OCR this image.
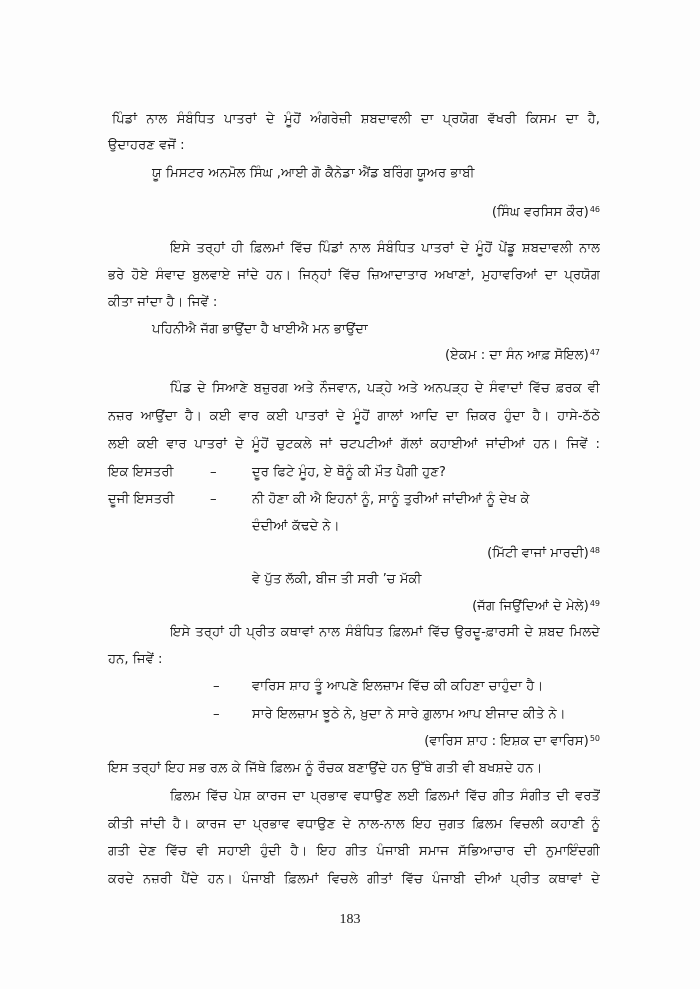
ਪਿੰਡਾਂ ਨਾਲ ਸੰਬੰਧਿਤ ਪਾਤਰਾਂ ਦੇ ਮੂੰਹੋਂ ਅੰਗਰੇਜ਼ੀ ਸ਼ਬਦਾਵਲੀ ਦਾ ਪ੍ਰਯੋਗ ਵੱਖਰੀ ਕਿਸਮ ਦਾ ਹੈ,
ਉਦਾਹਰਣ ਵਜੋਂ :
ਯੂ ਮਿਸਟਰ ਅਨਮੋਲ ਸਿੰਘ ,ਆਈ ਗੋ ਕੈਨੇਡਾ ਐਂਡ ਬਰਿੰਗ ਯੂਅਰ ਭਾਬੀ
(ਸਿੰਘ ਵਰਸਿਸ ਕੌਰ)$^{46}$
ਇਸੇ ਤਰ੍ਹਾਂ ਹੀ ਫ਼ਿਲਮਾਂ ਵਿੱਚ ਪਿੰਡਾਂ ਨਾਲ ਸੰਬੰਧਿਤ ਪਾਤਰਾਂ ਦੇ ਮੂੰਹੋਂ ਪੇਂਡੂ ਸ਼ਬਦਾਵਲੀ ਨਾਲ
ਭਰੇ ਹੋਏ ਸੰਵਾਦ ਬੁਲਵਾਏ ਜਾਂਦੇ ਹਨ। ਜਿਨ੍ਹਾਂ ਵਿੱਚ ਜ਼ਿਆਦਾਤਾਰ ਅਖਾਣਾਂ, ਮੁਹਾਵਰਿਆਂ ਦਾ ਪ੍ਰਯੋਗ
ਕੀਤਾ ਜਾਂਦਾ ਹੈ। ਜਿਵੇਂ :
ਪਹਿਨੀਐ ਜੱਗ ਭਾਉਂਦਾ ਹੈ ਖਾਈਐ ਮਨ ਭਾਉਂਦਾ
(ਏਕਮ : ਦਾ ਸੰਨ ਆਫ਼ ਸੋਇਲ)$^{47}$
ਪਿੰਡ ਦੇ ਸਿਆਣੇ ਬਜ਼ੁਰਗ ਅਤੇ ਨੌਜਵਾਨ, ਪੜ੍ਹੇ ਅਤੇ ਅਨਪੜ੍ਹ ਦੇ ਸੰਵਾਦਾਂ ਵਿੱਚ ਫ਼ਰਕ ਵੀ
ਨਜ਼ਰ ਆਉਂਦਾ ਹੈ। ਕਈ ਵਾਰ ਕਈ ਪਾਤਰਾਂ ਦੇ ਮੂੰਹੋਂ ਗਾਲਾਂ ਆਦਿ ਦਾ ਜ਼ਿਕਰ ਹੁੰਦਾ ਹੈ। ਹਾਸੇ-ਠੱਠੇ
ਲਈ ਕਈ ਵਾਰ ਪਾਤਰਾਂ ਦੇ ਮੂੰਹੋਂ ਚੁਟਕਲੇ ਜਾਂ ਚਟਪਟੀਆਂ ਗੱਲਾਂ ਕਹਾਈਆਂ ਜਾਂਦੀਆਂ ਹਨ। ਜਿਵੇਂ :
ਇਕ ਇਸਤਰੀ	–	ਦੂਰ ਫਿਟੇ ਮੂੰਹ, ਏ ਥੋਨੂੰ ਕੀ ਮੌਤ ਪੈਗੀ ਹੁਣ?
ਦੂਜੀ ਇਸਤਰੀ	–	ਨੀ ਹੋਣਾ ਕੀ ਐ ਇਹਨਾਂ ਨੂੰ, ਸਾਨੂੰ ਤੁਰੀਆਂ ਜਾਂਦੀਆਂ ਨੂੰ ਦੇਖ ਕੇ
ਦੰਦੀਆਂ ਕੱਢਦੇ ਨੇ।
(ਮਿੱਟੀ ਵਾਜਾਂ ਮਾਰਦੀ)$^{48}$
ਵੇ ਪੁੱਤ ਲੱਕੀ, ਬੀਜ ਤੀ ਸਰੀ ’ਚ ਮੱਕੀ
(ਜੱਗ ਜਿਉਂਦਿਆਂ ਦੇ ਮੇਲੇ)$^{49}$
ਇਸੇ ਤਰ੍ਹਾਂ ਹੀ ਪ੍ਰੀਤ ਕਥਾਵਾਂ ਨਾਲ ਸੰਬੰਧਿਤ ਫ਼ਿਲਮਾਂ ਵਿੱਚ ਉਰਦੂ-ਫ਼ਾਰਸੀ ਦੇ ਸ਼ਬਦ ਮਿਲਦੇ
ਹਨ, ਜਿਵੇਂ :
– ਵਾਰਿਸ ਸ਼ਾਹ ਤੂੰ ਆਪਣੇ ਇਲਜ਼ਾਮ ਵਿੱਚ ਕੀ ਕਹਿਣਾ ਚਾਹੁੰਦਾ ਹੈ।
– ਸਾਰੇ ਇਲਜ਼ਾਮ ਝੂਠੇ ਨੇ, ਖ਼ੁਦਾ ਨੇ ਸਾਰੇ ਗ਼ੁਲਾਮ ਆਪ ਈਜਾਦ ਕੀਤੇ ਨੇ।
(ਵਾਰਿਸ ਸ਼ਾਹ : ਇਸ਼ਕ ਦਾ ਵਾਰਿਸ)$^{50}$
ਇਸ ਤਰ੍ਹਾਂ ਇਹ ਸਭ ਰਲ਼ ਕੇ ਜਿੱਥੇ ਫ਼ਿਲਮ ਨੂੰ ਰੌਚਕ ਬਣਾਉਂਦੇ ਹਨ ਉੱਥੇ ਗਤੀ ਵੀ ਬਖਸ਼ਦੇ ਹਨ।
ਫ਼ਿਲਮ ਵਿੱਚ ਪੇਸ਼ ਕਾਰਜ ਦਾ ਪ੍ਰਭਾਵ ਵਧਾਉਣ ਲਈ ਫ਼ਿਲਮਾਂ ਵਿੱਚ ਗੀਤ ਸੰਗੀਤ ਦੀ ਵਰਤੋਂ
ਕੀਤੀ ਜਾਂਦੀ ਹੈ। ਕਾਰਜ ਦਾ ਪ੍ਰਭਾਵ ਵਧਾਉਣ ਦੇ ਨਾਲ-ਨਾਲ ਇਹ ਜੁਗਤ ਫ਼ਿਲਮ ਵਿਚਲੀ ਕਹਾਣੀ ਨੂੰ
ਗਤੀ ਦੇਣ ਵਿੱਚ ਵੀ ਸਹਾਈ ਹੁੰਦੀ ਹੈ। ਇਹ ਗੀਤ ਪੰਜਾਬੀ ਸਮਾਜ ਸੱਭਿਆਚਾਰ ਦੀ ਨੁਮਾਇੰਦਗੀ
ਕਰਦੇ ਨਜ਼ਰੀ ਪੈਂਦੇ ਹਨ। ਪੰਜਾਬੀ ਫ਼ਿਲਮਾਂ ਵਿਚਲੇ ਗੀਤਾਂ ਵਿੱਚ ਪੰਜਾਬੀ ਦੀਆਂ ਪ੍ਰੀਤ ਕਥਾਵਾਂ ਦੇ
183
